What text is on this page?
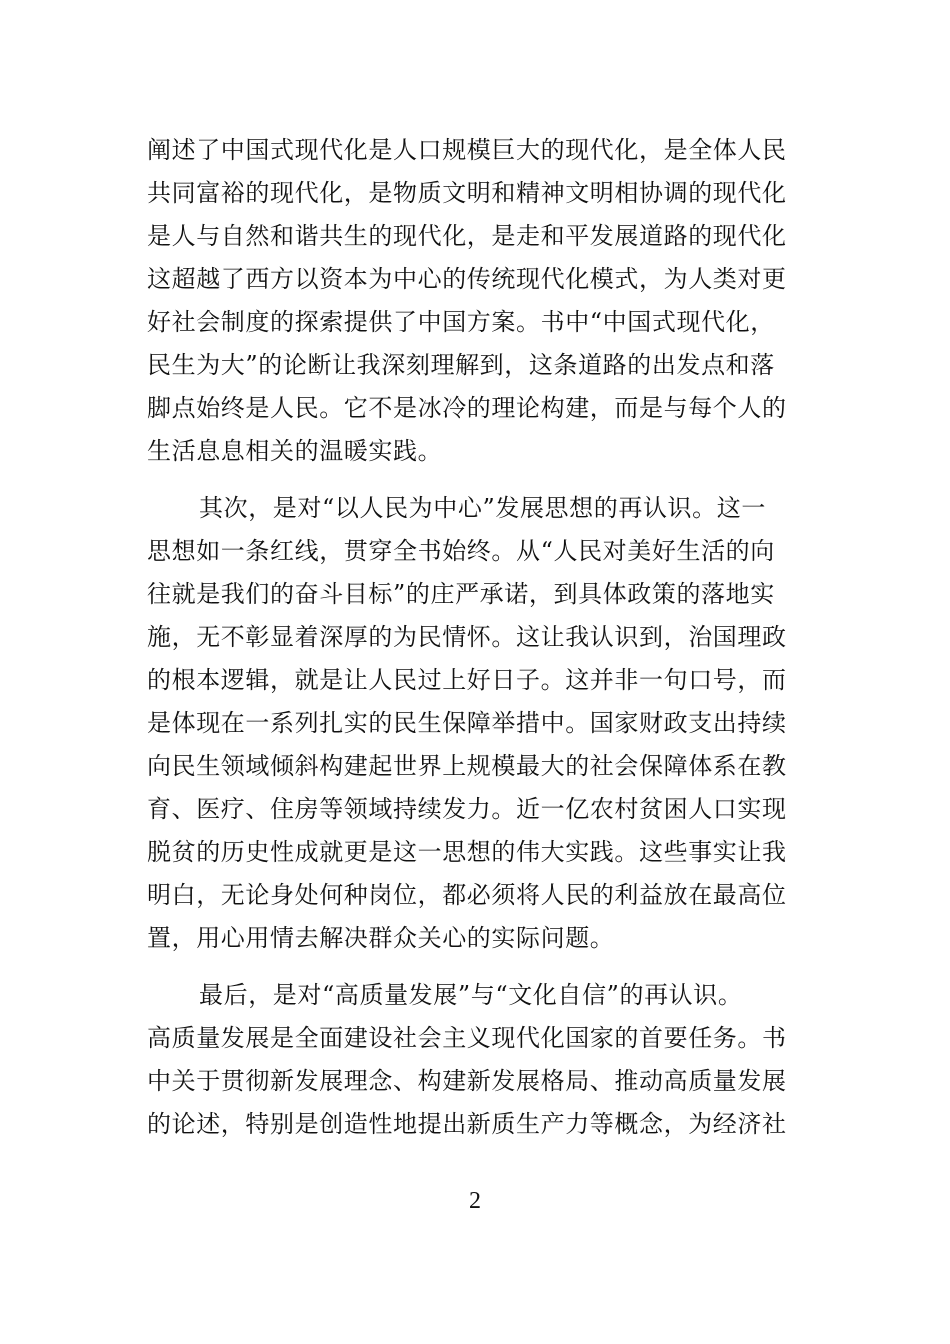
阐述了中国式现代化是人口规模巨大的现代化，是全体人民
共同富裕的现代化，是物质文明和精神文明相协调的现代化
是人与自然和谐共生的现代化，是走和平发展道路的现代化
这超越了西方以资本为中心的传统现代化模式，为人类对更
好社会制度的探索提供了中国方案。书中“中国式现代化，
民生为大”的论断让我深刻理解到，这条道路的出发点和落
脚点始终是人民。它不是冰冷的理论构建，而是与每个人的
生活息息相关的温暖实践。
其次，是对“以人民为中心”发展思想的再认识。这一
思想如一条红线，贯穿全书始终。从“人民对美好生活的向
往就是我们的奋斗目标”的庄严承诺，到具体政策的落地实
施，无不彰显着深厚的为民情怀。这让我认识到，治国理政
的根本逻辑，就是让人民过上好日子。这并非一句口号，而
是体现在一系列扎实的民生保障举措中。国家财政支出持续
向民生领域倾斜构建起世界上规模最大的社会保障体系在教
育、医疗、住房等领域持续发力。近一亿农村贫困人口实现
脱贫的历史性成就更是这一思想的伟大实践。这些事实让我
明白，无论身处何种岗位，都必须将人民的利益放在最高位
置，用心用情去解决群众关心的实际问题。
最后，是对“高质量发展”与“文化自信”的再认识。
高质量发展是全面建设社会主义现代化国家的首要任务。书
中关于贯彻新发展理念、构建新发展格局、推动高质量发展
的论述，特别是创造性地提出新质生产力等概念，为经济社
2
